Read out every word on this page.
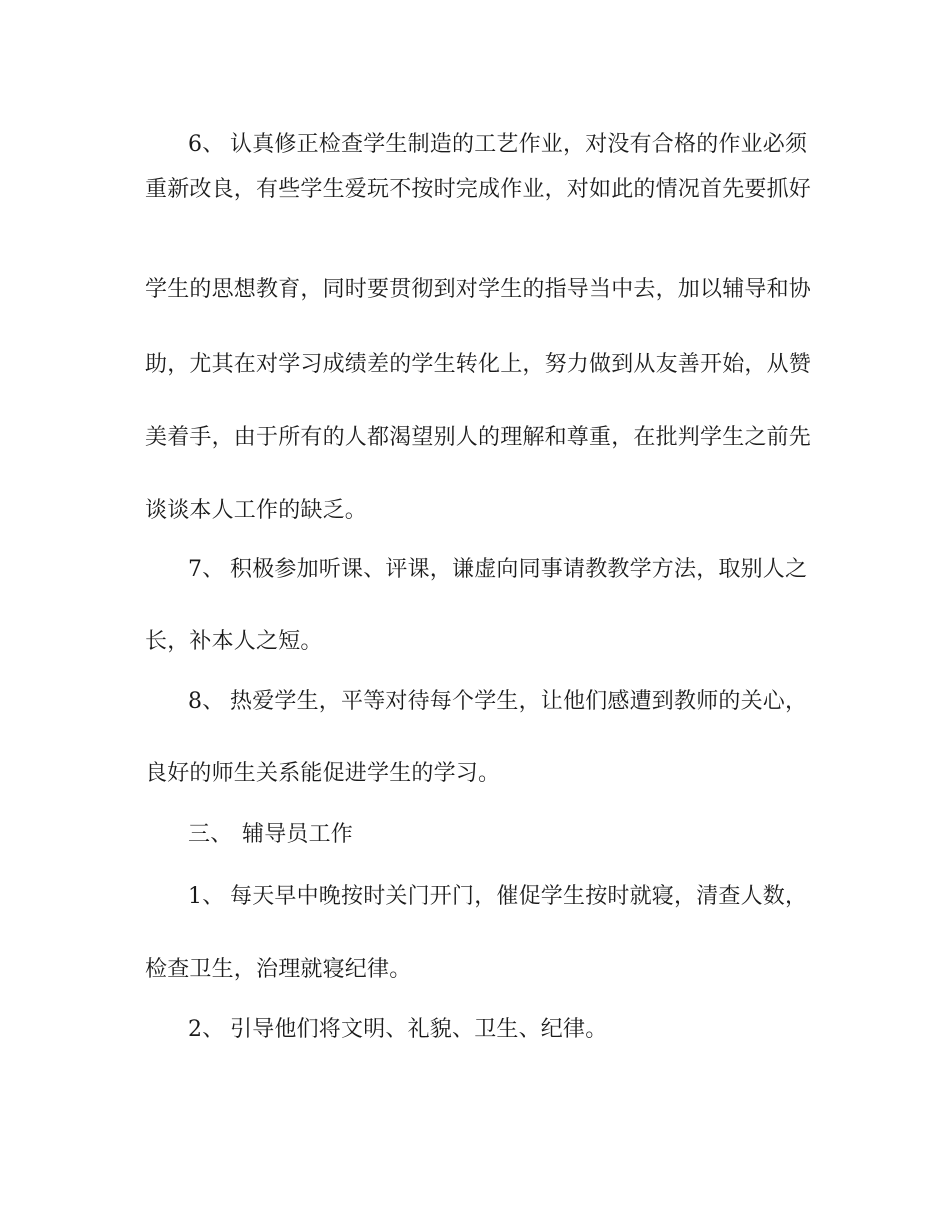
6、 认真修正检查学生制造的工艺作业，对没有合格的作业必须

重新改良，有些学生爱玩不按时完成作业，对如此的情况首先要抓好

学生的思想教育，同时要贯彻到对学生的指导当中去，加以辅导和协

助，尤其在对学习成绩差的学生转化上，努力做到从友善开始，从赞

美着手，由于所有的人都渴望别人的理解和尊重，在批判学生之前先

谈谈本人工作的缺乏。

7、 积极参加听课、评课，谦虚向同事请教教学方法，取别人之

长，补本人之短。

8、 热爱学生，平等对待每个学生，让他们感遭到教师的关心，

良好的师生关系能促进学生的学习。

三、 辅导员工作

1、 每天早中晚按时关门开门，催促学生按时就寝，清查人数，

检查卫生，治理就寝纪律。

2、 引导他们将文明、礼貌、卫生、纪律。
